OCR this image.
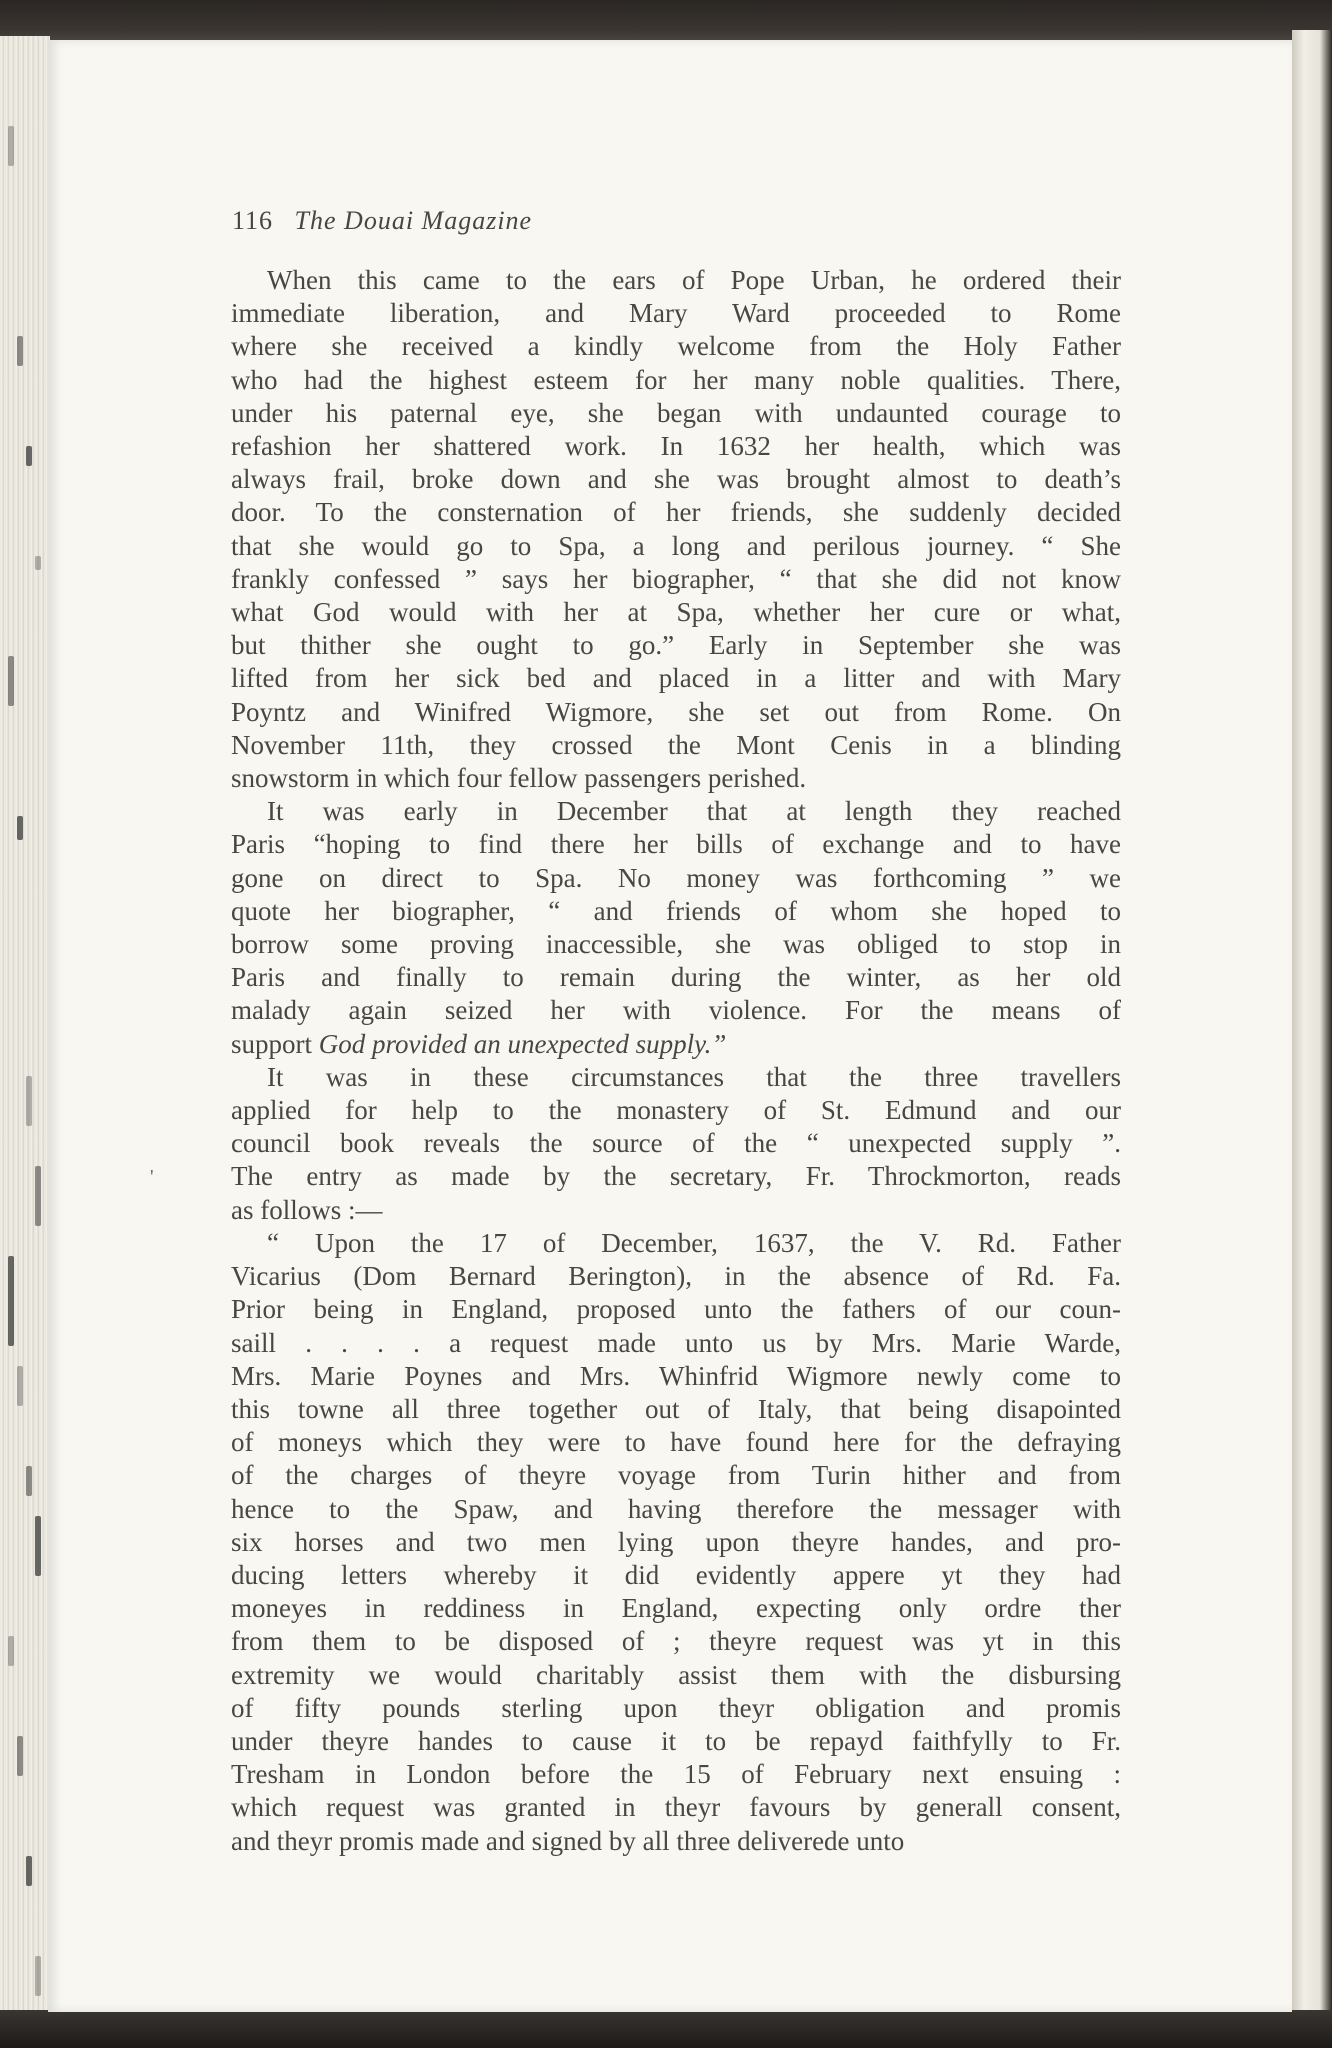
116 The Douai Magazine
'
When this came to the ears of Pope Urban, he ordered their
immediate liberation, and Mary Ward proceeded to Rome
where she received a kindly welcome from the Holy Father
who had the highest esteem for her many noble qualities. There,
under his paternal eye, she began with undaunted courage to
refashion her shattered work. In 1632 her health, which was
always frail, broke down and she was brought almost to death’s
door. To the consternation of her friends, she suddenly decided
that she would go to Spa, a long and perilous journey. “ She
frankly confessed ” says her biographer, “ that she did not know
what God would with her at Spa, whether her cure or what,
but thither she ought to go.” Early in September she was
lifted from her sick bed and placed in a litter and with Mary
Poyntz and Winifred Wigmore, she set out from Rome. On
November 11th, they crossed the Mont Cenis in a blinding
snowstorm in which four fellow passengers perished.
It was early in December that at length they reached
Paris “hoping to find there her bills of exchange and to have
gone on direct to Spa. No money was forthcoming ” we
quote her biographer, “ and friends of whom she hoped to
borrow some proving inaccessible, she was obliged to stop in
Paris and finally to remain during the winter, as her old
malady again seized her with violence. For the means of
support God provided an unexpected supply.”
It was in these circumstances that the three travellers
applied for help to the monastery of St. Edmund and our
council book reveals the source of the “ unexpected supply ”.
The entry as made by the secretary, Fr. Throckmorton, reads
as follows :—
“ Upon the 17 of December, 1637, the V. Rd. Father
Vicarius (Dom Bernard Berington), in the absence of Rd. Fa.
Prior being in England, proposed unto the fathers of our coun-
saill . . . . a request made unto us by Mrs. Marie Warde,
Mrs. Marie Poynes and Mrs. Whinfrid Wigmore newly come to
this towne all three together out of Italy, that being disapointed
of moneys which they were to have found here for the defraying
of the charges of theyre voyage from Turin hither and from
hence to the Spaw, and having therefore the messager with
six horses and two men lying upon theyre handes, and pro-
ducing letters whereby it did evidently appere yt they had
moneyes in reddiness in England, expecting only ordre ther
from them to be disposed of ; theyre request was yt in this
extremity we would charitably assist them with the disbursing
of fifty pounds sterling upon theyr obligation and promis
under theyre handes to cause it to be repayd faithfylly to Fr.
Tresham in London before the 15 of February next ensuing :
which request was granted in theyr favours by generall consent,
and theyr promis made and signed by all three deliverede unto
